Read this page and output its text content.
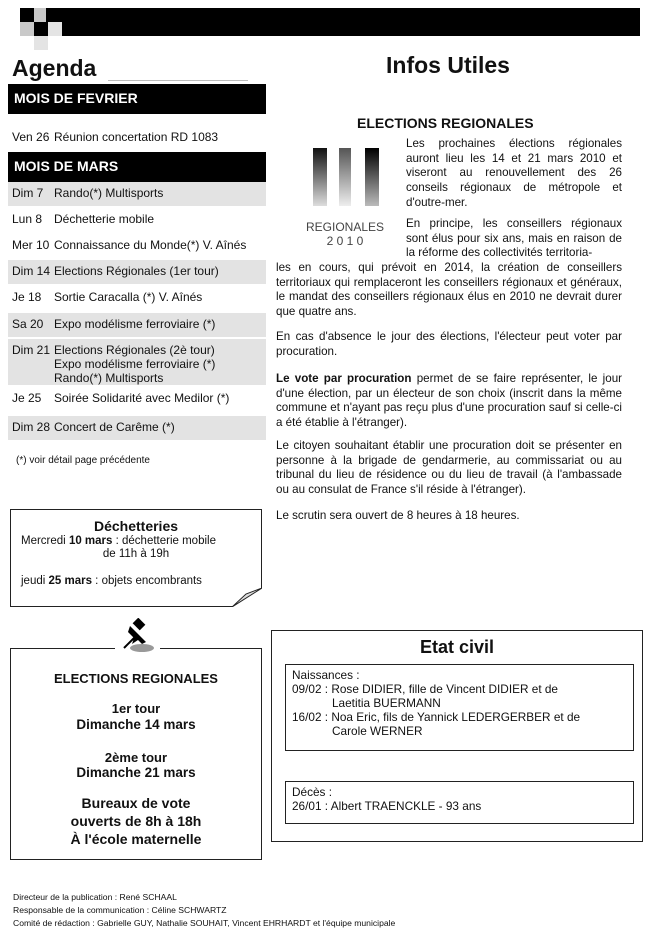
Agenda	Infos Utiles
MOIS DE FEVRIER
Ven 26 Réunion concertation RD 1083
MOIS DE MARS
Dim 7 Rando(*) Multisports
Lun 8 Déchetterie mobile
Mer 10 Connaissance du Monde(*) V. Aînés
Dim 14 Elections Régionales (1er tour)
Je 18	Sortie Caracalla (*) V. Aînés
Sa 20 Expo modélisme ferroviaire (*)
Dim 21 Elections Régionales (2è tour)
Expo modélisme ferroviaire (*)
Rando(*) Multisports
Je 25	Soirée Solidarité avec Medilor (*)
Dim 28 Concert de Carême (*)
(*) voir détail page précédente
Déchetteries
Mercredi 10 mars : déchetterie mobile
de 11h à 19h
jeudi 25 mars : objets encombrants
ELECTIONS REGIONALES
1er tour
Dimanche 14 mars
2ème tour
Dimanche 21 mars
Bureaux de vote
ouverts de 8h à 18h
À l'école maternelle
ELECTIONS REGIONALES
REGIONALES
2 0 1 0
Les prochaines élections régionales auront lieu les 14 et 21 mars 2010 et viseront au renouvellement des 26 conseils régionaux de métropole et d'outre-mer.
En principe, les conseillers régionaux sont élus pour six ans, mais en raison de la réforme des collectivités territoria-
les en cours, qui prévoit en 2014, la création de conseillers territoriaux qui remplaceront les conseillers régionaux et généraux, le mandat des conseillers régionaux élus en 2010 ne devrait durer que quatre ans.
En cas d'absence le jour des élections, l'électeur peut voter par procuration.
Le vote par procuration permet de se faire représenter, le jour d'une élection, par un électeur de son choix (inscrit dans la même commune et n'ayant pas reçu plus d'une procuration sauf si celle-ci a été établie à l'étranger).
Le citoyen souhaitant établir une procuration doit se présenter en personne à la brigade de gendarmerie, au commissariat ou au tribunal du lieu de résidence ou du lieu de travail (à l'ambassade ou au consulat de France s'il réside à l'étranger).
Le scrutin sera ouvert de 8 heures à 18 heures.
Etat civil
Naissances :
09/02 : Rose DIDIER, fille de Vincent DIDIER et de
Laetitia BUERMANN
16/02 : Noa Eric, fils de Yannick LEDERGERBER et de
Carole WERNER
Décès :
26/01 : Albert TRAENCKLE - 93 ans
Directeur de la publication : René SCHAAL
Responsable de la communication : Céline SCHWARTZ
Comité de rédaction : Gabrielle GUY, Nathalie SOUHAIT, Vincent EHRHARDT et l'équipe municipale
